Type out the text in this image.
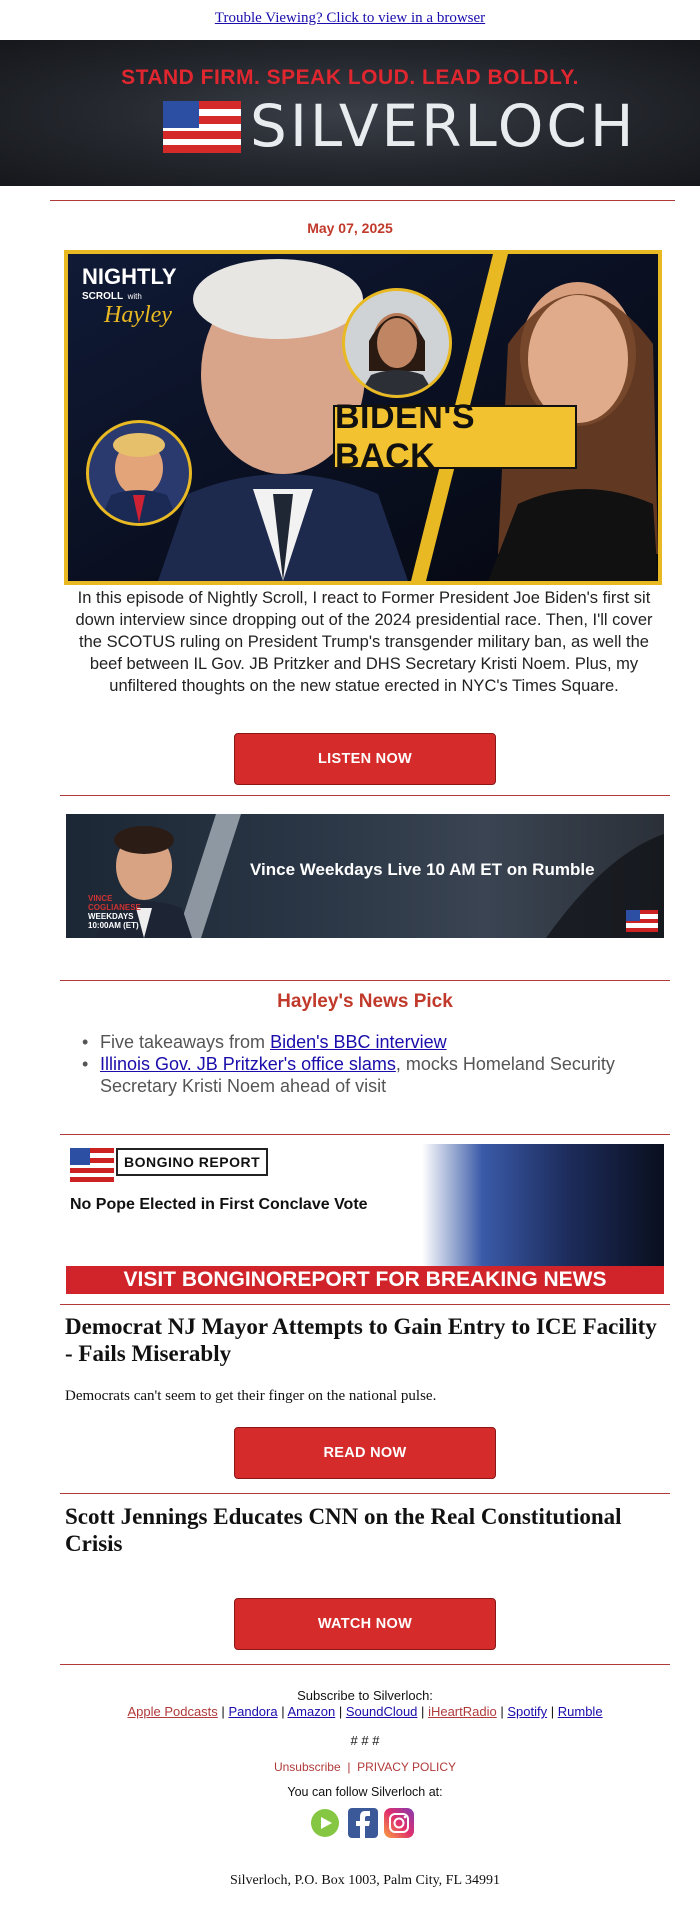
Trouble Viewing? Click to view in a browser
STAND FIRM. SPEAK LOUD. LEAD BOLDLY.
SILVERLOCH
May 07, 2025
NIGHTLY
SCROLL with
Hayley
BIDEN'S BACK
In this episode of Nightly Scroll, I react to Former President Joe Biden's first sit down interview since dropping out of the 2024 presidential race. Then, I'll cover the SCOTUS ruling on President Trump's transgender military ban, as well the beef between IL Gov. JB Pritzker and DHS Secretary Kristi Noem. Plus, my unfiltered thoughts on the new statue erected in NYC's Times Square.
LISTEN NOW
Vince Weekdays Live 10 AM ET on Rumble
VINCE
COGLIANESE
WEEKDAYS
10:00AM (ET)
Hayley's News Pick
• Five takeaways from Biden's BBC interview
• Illinois Gov. JB Pritzker's office slams, mocks Homeland Security Secretary Kristi Noem ahead of visit
BONGINO REPORT
No Pope Elected in First Conclave Vote
VISIT BONGINOREPORT FOR BREAKING NEWS
Democrat NJ Mayor Attempts to Gain Entry to ICE Facility - Fails Miserably
Democrats can't seem to get their finger on the national pulse.
READ NOW
Scott Jennings Educates CNN on the Real Constitutional Crisis
WATCH NOW
Subscribe to Silverloch:
Apple Podcasts | Pandora | Amazon | SoundCloud | iHeartRadio | Spotify | Rumble
# # #
Unsubscribe  |  PRIVACY POLICY
You can follow Silverloch at:
Silverloch, P.O. Box 1003, Palm City, FL 34991
